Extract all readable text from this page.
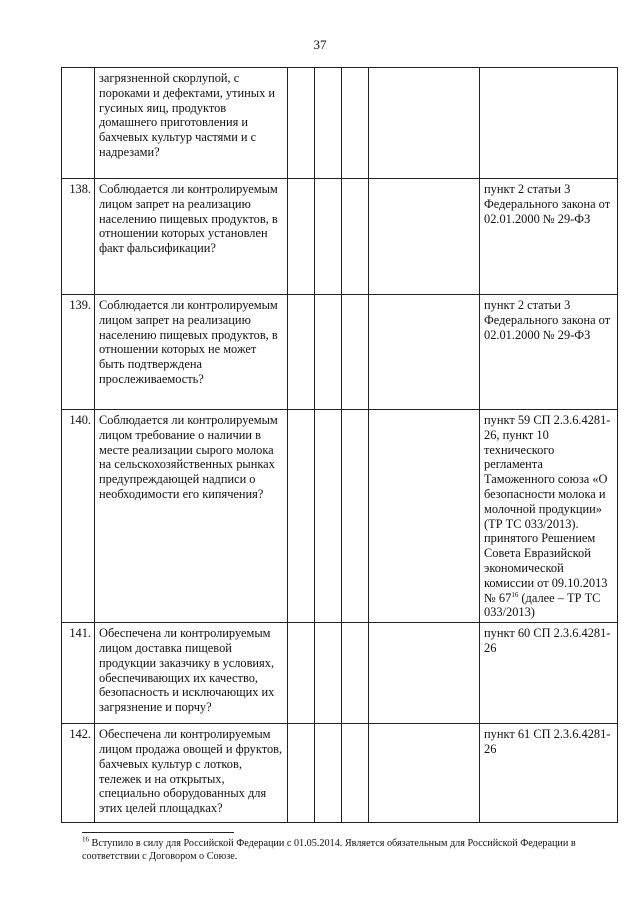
37
	загрязненной скорлупой, с пороками и дефектами, утиных и гусиных яиц, продуктов домашнего приготовления и бахчевых культур частями и с надрезами?					
138.	Соблюдается ли контролируемым лицом запрет на реализацию населению пищевых продуктов, в отношении которых установлен факт фальсификации?					пункт 2 статьи 3 Федерального закона от 02.01.2000 № 29-ФЗ
139.	Соблюдается ли контролируемым лицом запрет на реализацию населению пищевых продуктов, в отношении которых не может быть подтверждена прослеживаемость?					пункт 2 статьи 3 Федерального закона от 02.01.2000 № 29-ФЗ
140.	Соблюдается ли контролируемым лицом требование о наличии в месте реализации сырого молока на сельскохозяйственных рынках предупреждающей надписи о необходимости его кипячения?					пункт 59 СП 2.3.6.4281-26, пункт 10 технического регламента Таможенного союза «О безопасности молока и молочной продукции» (ТР ТС 033/2013). принятого Решением Совета Евразийской экономической комиссии от 09.10.2013 № $67^{16}$ (далее – ТР ТС 033/2013)
141.	Обеспечена ли контролируемым лицом доставка пищевой продукции заказчику в условиях, обеспечивающих их качество, безопасность и исключающих их загрязнение и порчу?					пункт 60 СП 2.3.6.4281-26
142.	Обеспечена ли контролируемым лицом продажа овощей и фруктов, бахчевых культур с лотков, тележек и на открытых, специально оборудованных для этих целей площадках?					пункт 61 СП 2.3.6.4281-26
$^{16}$ Вступило в силу для Российской Федерации с 01.05.2014. Является обязательным для Российской Федерации в соответствии с Договором о Союзе.
